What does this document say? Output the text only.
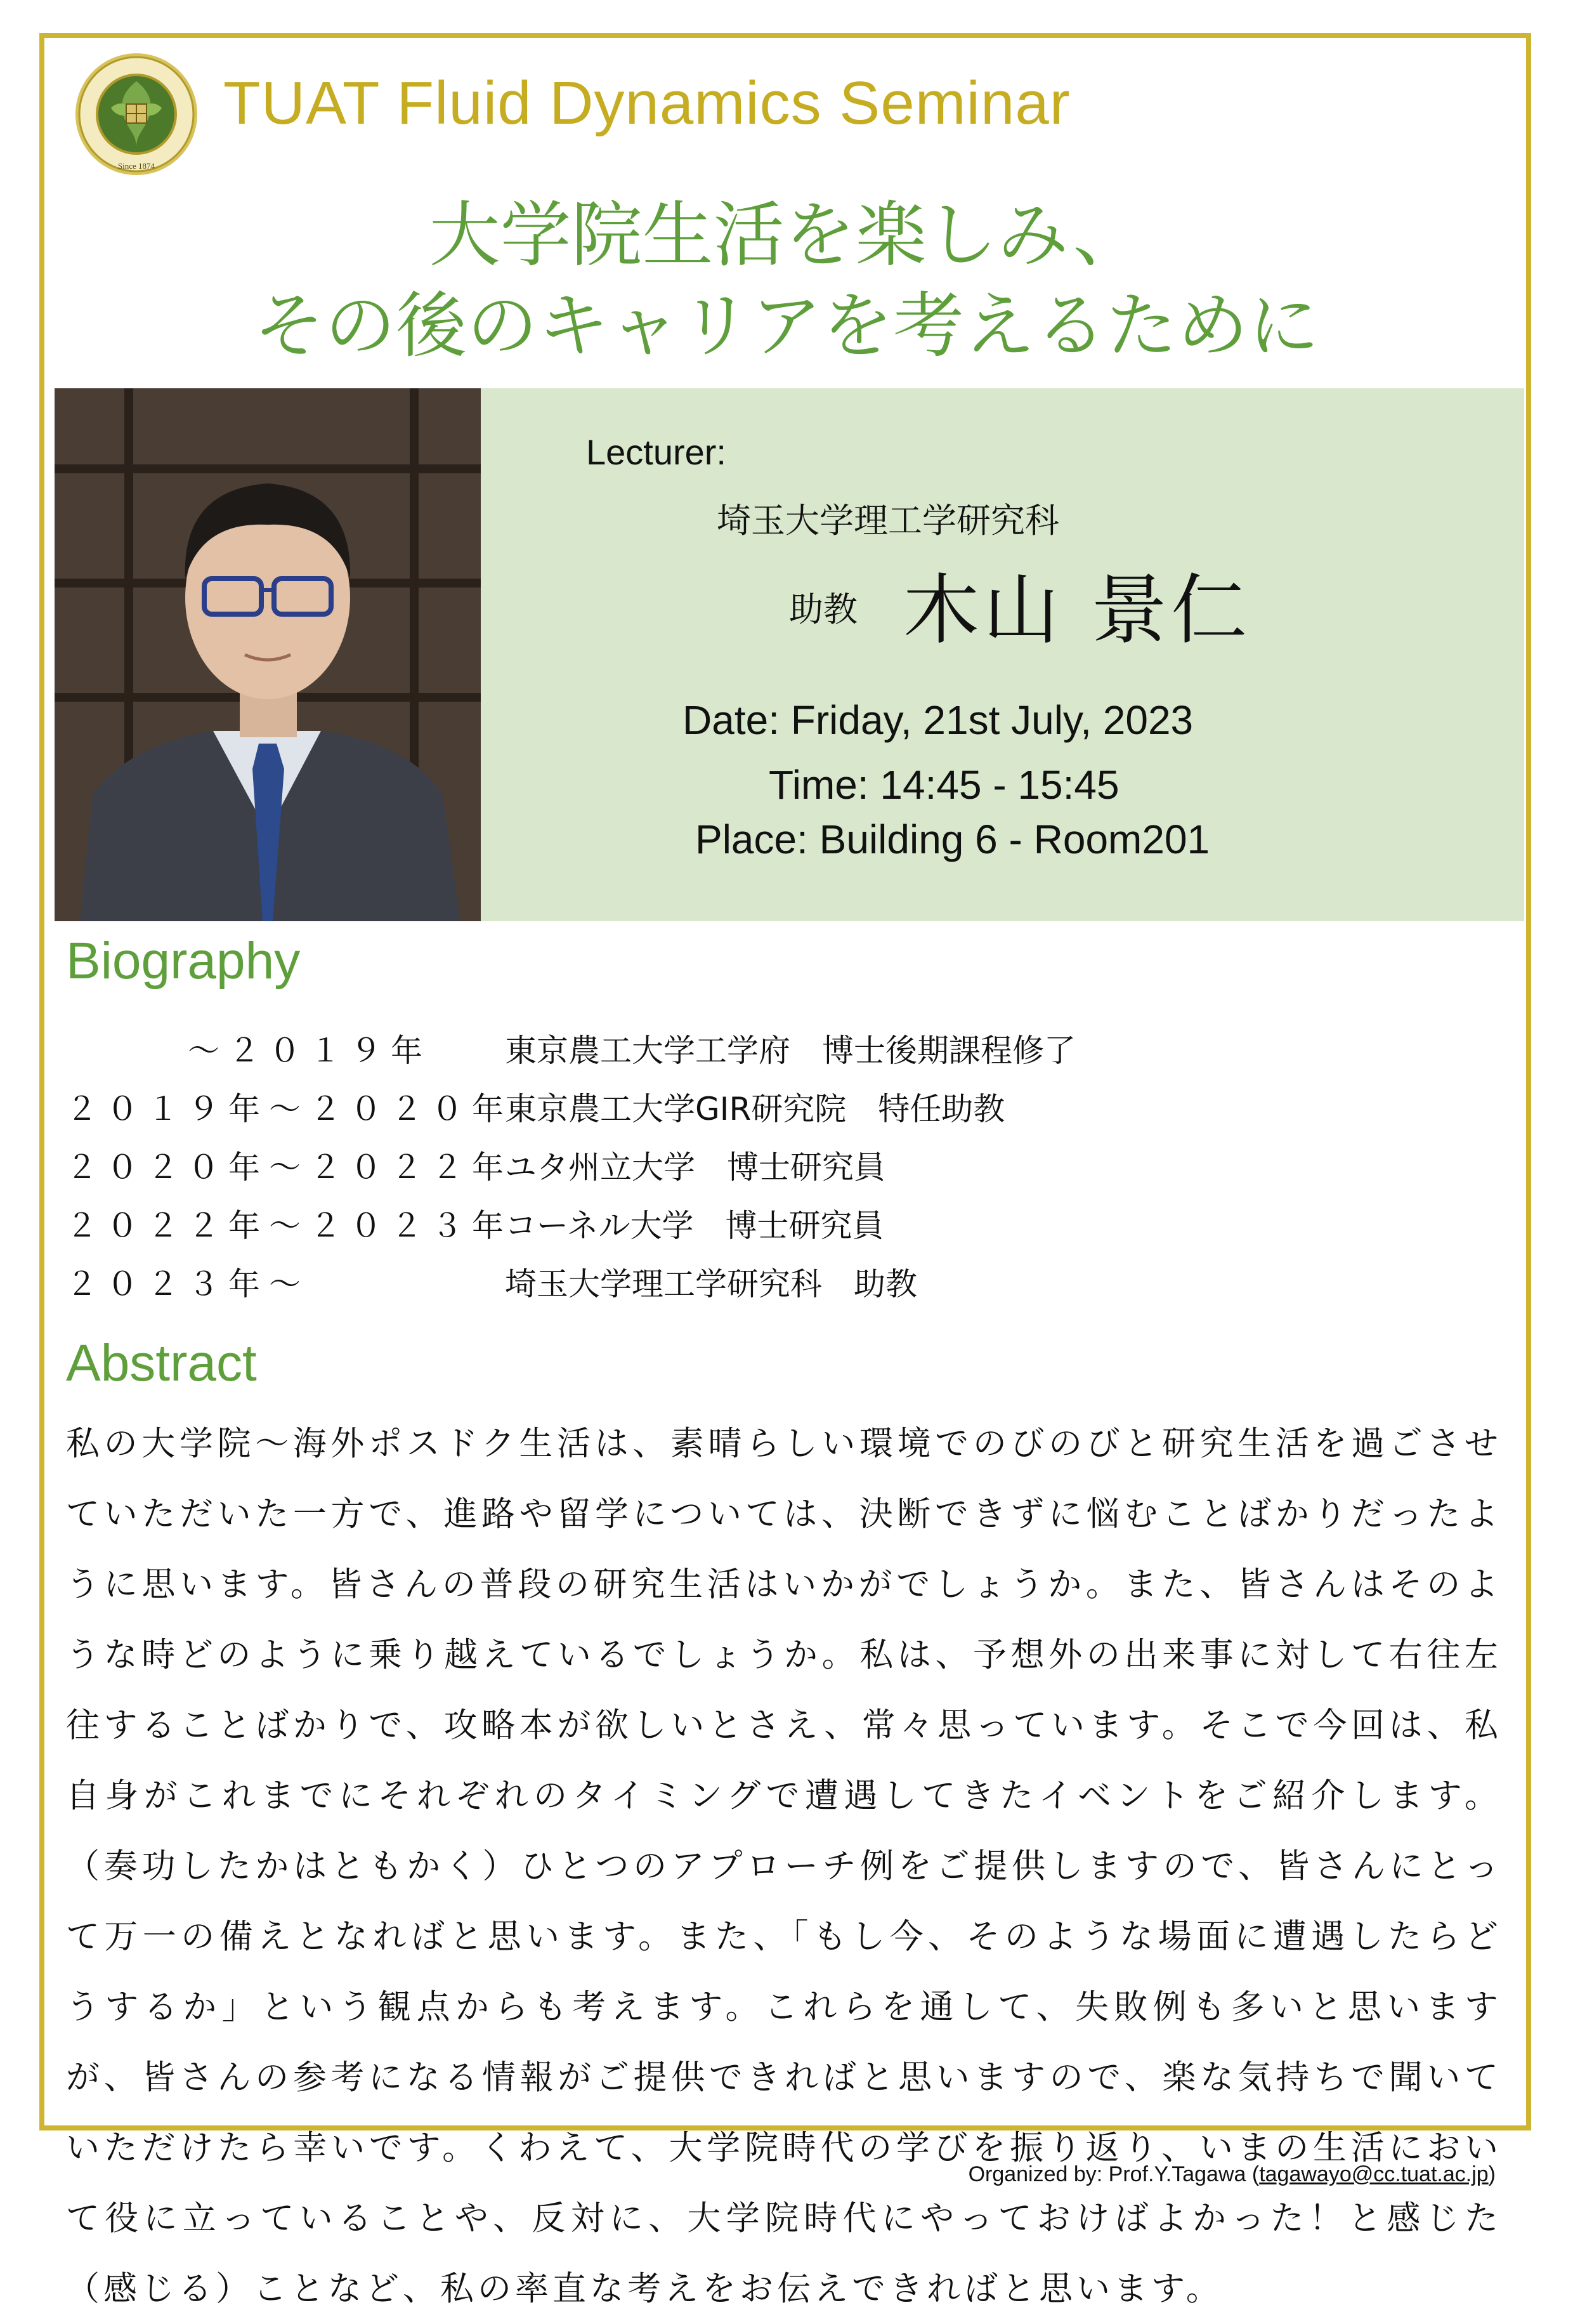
Since 1874
TUAT Fluid Dynamics Seminar
大学院生活を楽しみ、
その後のキャリアを考えるために
Lecturer:
埼玉大学理工学研究科
助教 木山 景仁
Date: Friday, 21st July, 2023
Time: 14:45 - 15:45
Place: Building 6 - Room201
Biography
　　　～２０１９年 東京農工大学工学府　博士後期課程修了
２０１９年～２０２０年
東京農工大学GIR研究院　特任助教
２０２０年～２０２２年
ユタ州立大学　博士研究員
２０２２年～２０２３年
コーネル大学　博士研究員
２０２３年～	埼玉大学理工学研究科　助教
Abstract
私の大学院～海外ポスドク生活は、素晴らしい環境でのびのびと研究生活を過ごさせていただいた一方で、進路や留学については、決断できずに悩むことばかりだったように思います。皆さんの普段の研究生活はいかがでしょうか。また、皆さんはそのような時どのように乗り越えているでしょうか。私は、予想外の出来事に対して右往左往することばかりで、攻略本が欲しいとさえ、常々思っています。そこで今回は、私自身がこれまでにそれぞれのタイミングで遭遇してきたイベントをご紹介します。（奏功したかはともかく）ひとつのアプローチ例をご提供しますので、皆さんにとって万一の備えとなればと思います。また、「もし今、そのような場面に遭遇したらどうするか」という観点からも考えます。これらを通して、失敗例も多いと思いますが、皆さんの参考になる情報がご提供できればと思いますので、楽な気持ちで聞いていただけたら幸いです。くわえて、大学院時代の学びを振り返り、いまの生活において役に立っていることや、反対に、大学院時代にやっておけばよかった！と感じた（感じる）ことなど、私の率直な考えをお伝えできればと思います。
Organized by: Prof.Y.Tagawa (tagawayo@cc.tuat.ac.jp)
